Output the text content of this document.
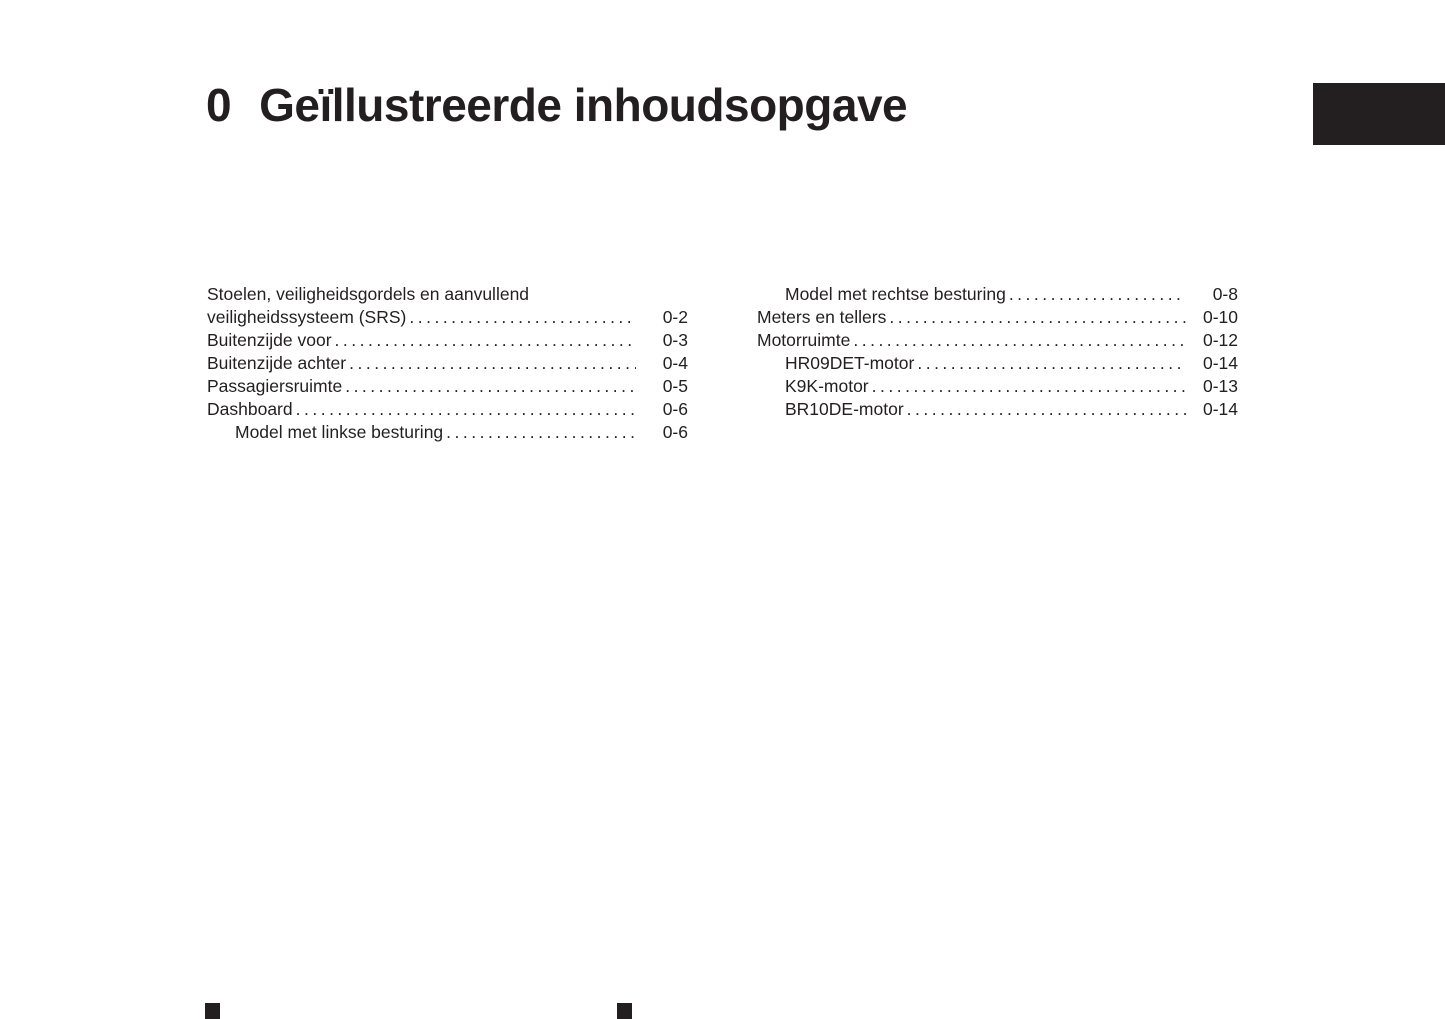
0 Geïllustreerde inhoudsopgave
Stoelen, veiligheidsgordels en aanvullend
veiligheidssysteem (SRS) .....	0-2
Buitenzijde voor .....	0-3
Buitenzijde achter .....	0-4
Passagiersruimte .....	0-5
Dashboard .....	0-6
Model met linkse besturing .....	0-6
Model met rechtse besturing .....	0-8
Meters en tellers .....	0-10
Motorruimte .....	0-12
HR09DET-motor .....	0-14
K9K-motor .....	0-13
BR10DE-motor .....	0-14
